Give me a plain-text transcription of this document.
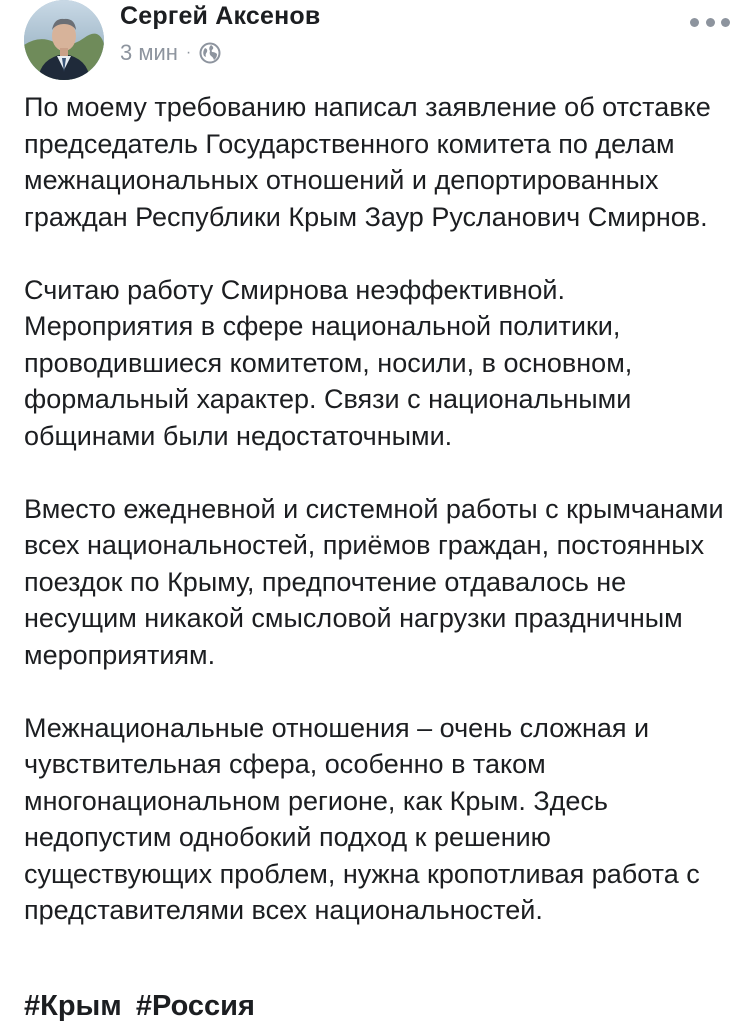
Сергей Аксенов
3 мин ·

По моему требованию написал заявление об отставке председатель Государственного комитета по делам межнациональных отношений и депортированных граждан Республики Крым Заур Русланович Смирнов.

Считаю работу Смирнова неэффективной. Мероприятия в сфере национальной политики, проводившиеся комитетом, носили, в основном, формальный характер. Связи с национальными общинами были недостаточными.

Вместо ежедневной и системной работы с крымчанами всех национальностей, приёмов граждан, постоянных поездок по Крыму, предпочтение отдавалось не несущим никакой смысловой нагрузки праздничным мероприятиям.

Межнациональные отношения – очень сложная и чувствительная сфера, особенно в таком многонациональном регионе, как Крым. Здесь недопустим однобокий подход к решению существующих проблем, нужна кропотливая работа с представителями всех национальностей.

#Крым #Россия
